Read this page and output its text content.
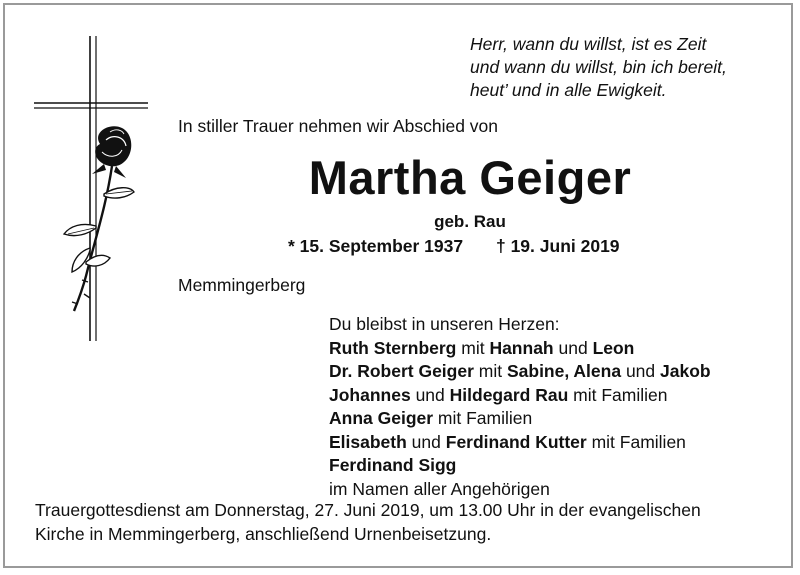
Herr, wann du willst, ist es Zeit
und wann du willst, bin ich bereit,
heut’ und in alle Ewigkeit.
In stiller Trauer nehmen wir Abschied von
Martha Geiger
geb. Rau
* 15. September 1937 † 19. Juni 2019
Memmingerberg
Du bleibst in unseren Herzen:
Ruth Sternberg mit Hannah und Leon
Dr. Robert Geiger mit Sabine, Alena und Jakob
Johannes und Hildegard Rau mit Familien
Anna Geiger mit Familien
Elisabeth und Ferdinand Kutter mit Familien
Ferdinand Sigg
im Namen aller Angehörigen
Trauergottesdienst am Donnerstag, 27. Juni 2019, um 13.00 Uhr in der evangelischen
Kirche in Memmingerberg, anschließend Urnenbeisetzung.
